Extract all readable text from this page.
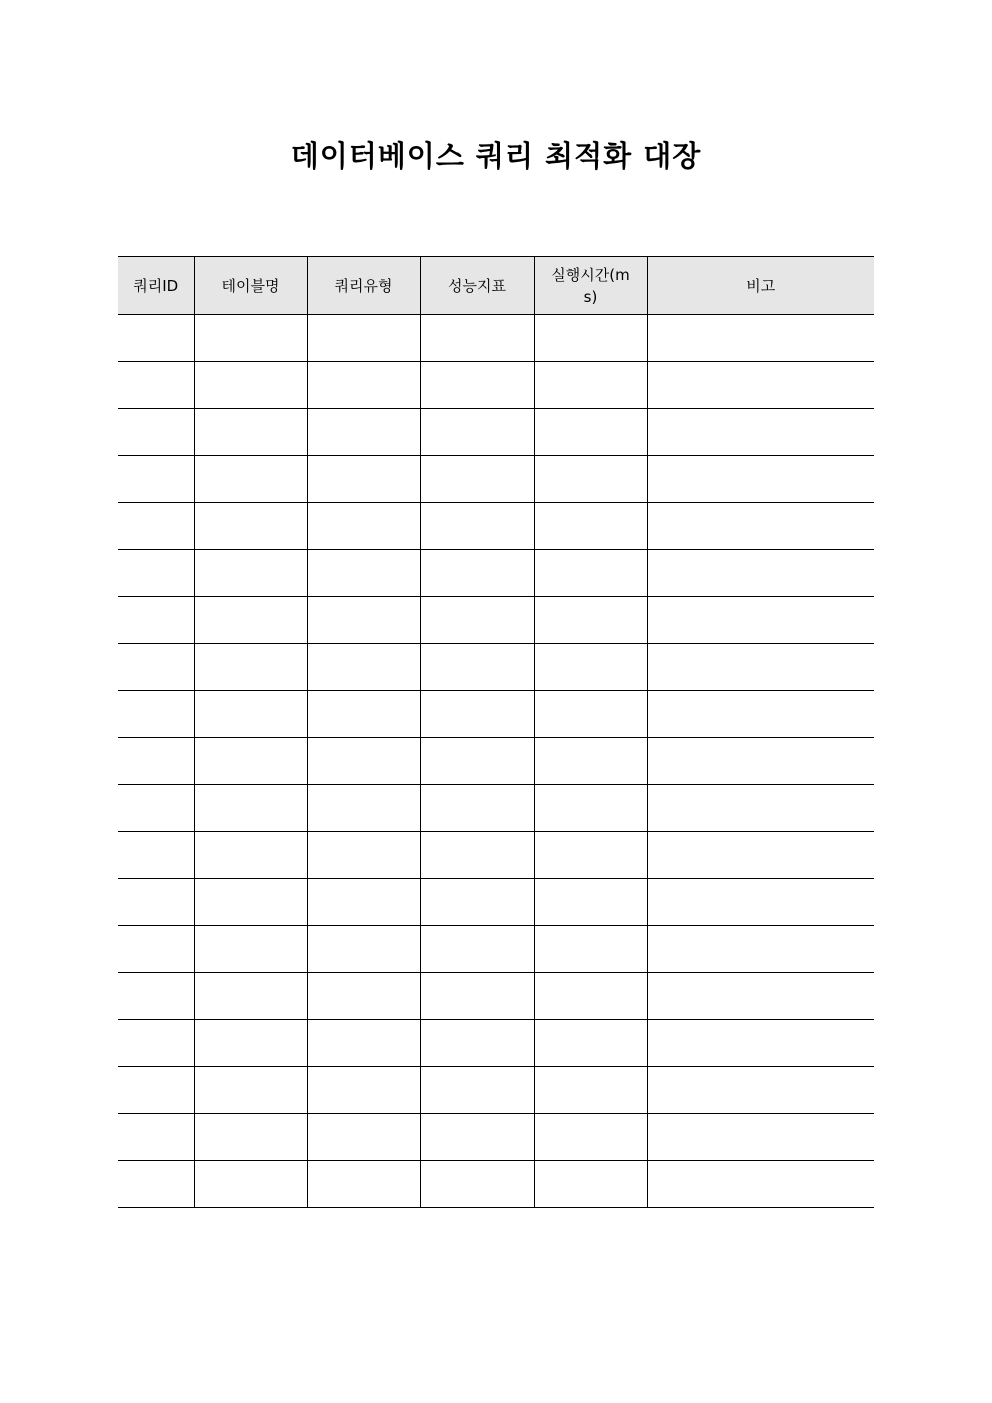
데이터베이스 쿼리 최적화 대장
쿼리ID	테이블명	쿼리유형	성능지표	실행시간(ms)	비고
